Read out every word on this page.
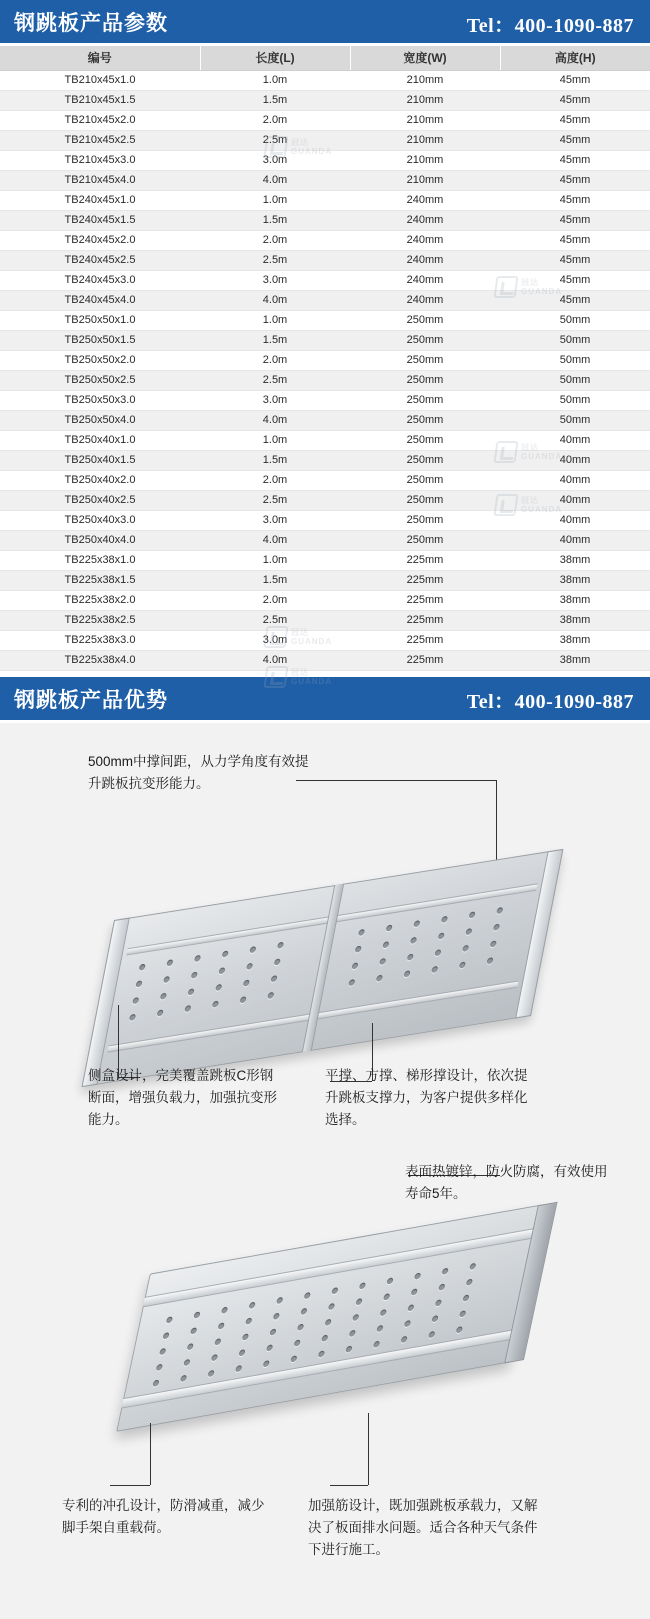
钢跳板产品参数	Tel：400-1090-887
冠达
GUANDA
冠达
GUANDA
冠达
GUANDA
冠达
GUANDA
冠达
GUANDA
冠达
GUANDA
编号	长度(L)	宽度(W)	高度(H)
TB210x45x1.0	1.0m	210mm	45mm
TB210x45x1.5	1.5m	210mm	45mm
TB210x45x2.0	2.0m	210mm	45mm
TB210x45x2.5	2.5m	210mm	45mm
TB210x45x3.0	3.0m	210mm	45mm
TB210x45x4.0	4.0m	210mm	45mm
TB240x45x1.0	1.0m	240mm	45mm
TB240x45x1.5	1.5m	240mm	45mm
TB240x45x2.0	2.0m	240mm	45mm
TB240x45x2.5	2.5m	240mm	45mm
TB240x45x3.0	3.0m	240mm	45mm
TB240x45x4.0	4.0m	240mm	45mm
TB250x50x1.0	1.0m	250mm	50mm
TB250x50x1.5	1.5m	250mm	50mm
TB250x50x2.0	2.0m	250mm	50mm
TB250x50x2.5	2.5m	250mm	50mm
TB250x50x3.0	3.0m	250mm	50mm
TB250x50x4.0	4.0m	250mm	50mm
TB250x40x1.0	1.0m	250mm	40mm
TB250x40x1.5	1.5m	250mm	40mm
TB250x40x2.0	2.0m	250mm	40mm
TB250x40x2.5	2.5m	250mm	40mm
TB250x40x3.0	3.0m	250mm	40mm
TB250x40x4.0	4.0m	250mm	40mm
TB225x38x1.0	1.0m	225mm	38mm
TB225x38x1.5	1.5m	225mm	38mm
TB225x38x2.0	2.0m	225mm	38mm
TB225x38x2.5	2.5m	225mm	38mm
TB225x38x3.0	3.0m	225mm	38mm
TB225x38x4.0	4.0m	225mm	38mm
钢跳板产品优势	Tel：400-1090-887
500mm中撑间距，从力学角度有效提升跳板抗变形能力。
侧盒设计，完美覆盖跳板C形钢断面，增强负载力，加强抗变形能力。
平撑、方撑、梯形撑设计，依次提升跳板支撑力，为客户提供多样化选择。
表面热镀锌，防火防腐，有效使用寿命5年。
专利的冲孔设计，防滑减重，减少脚手架自重载荷。
加强筋设计，既加强跳板承载力，又解决了板面排水问题。适合各种天气条件下进行施工。
